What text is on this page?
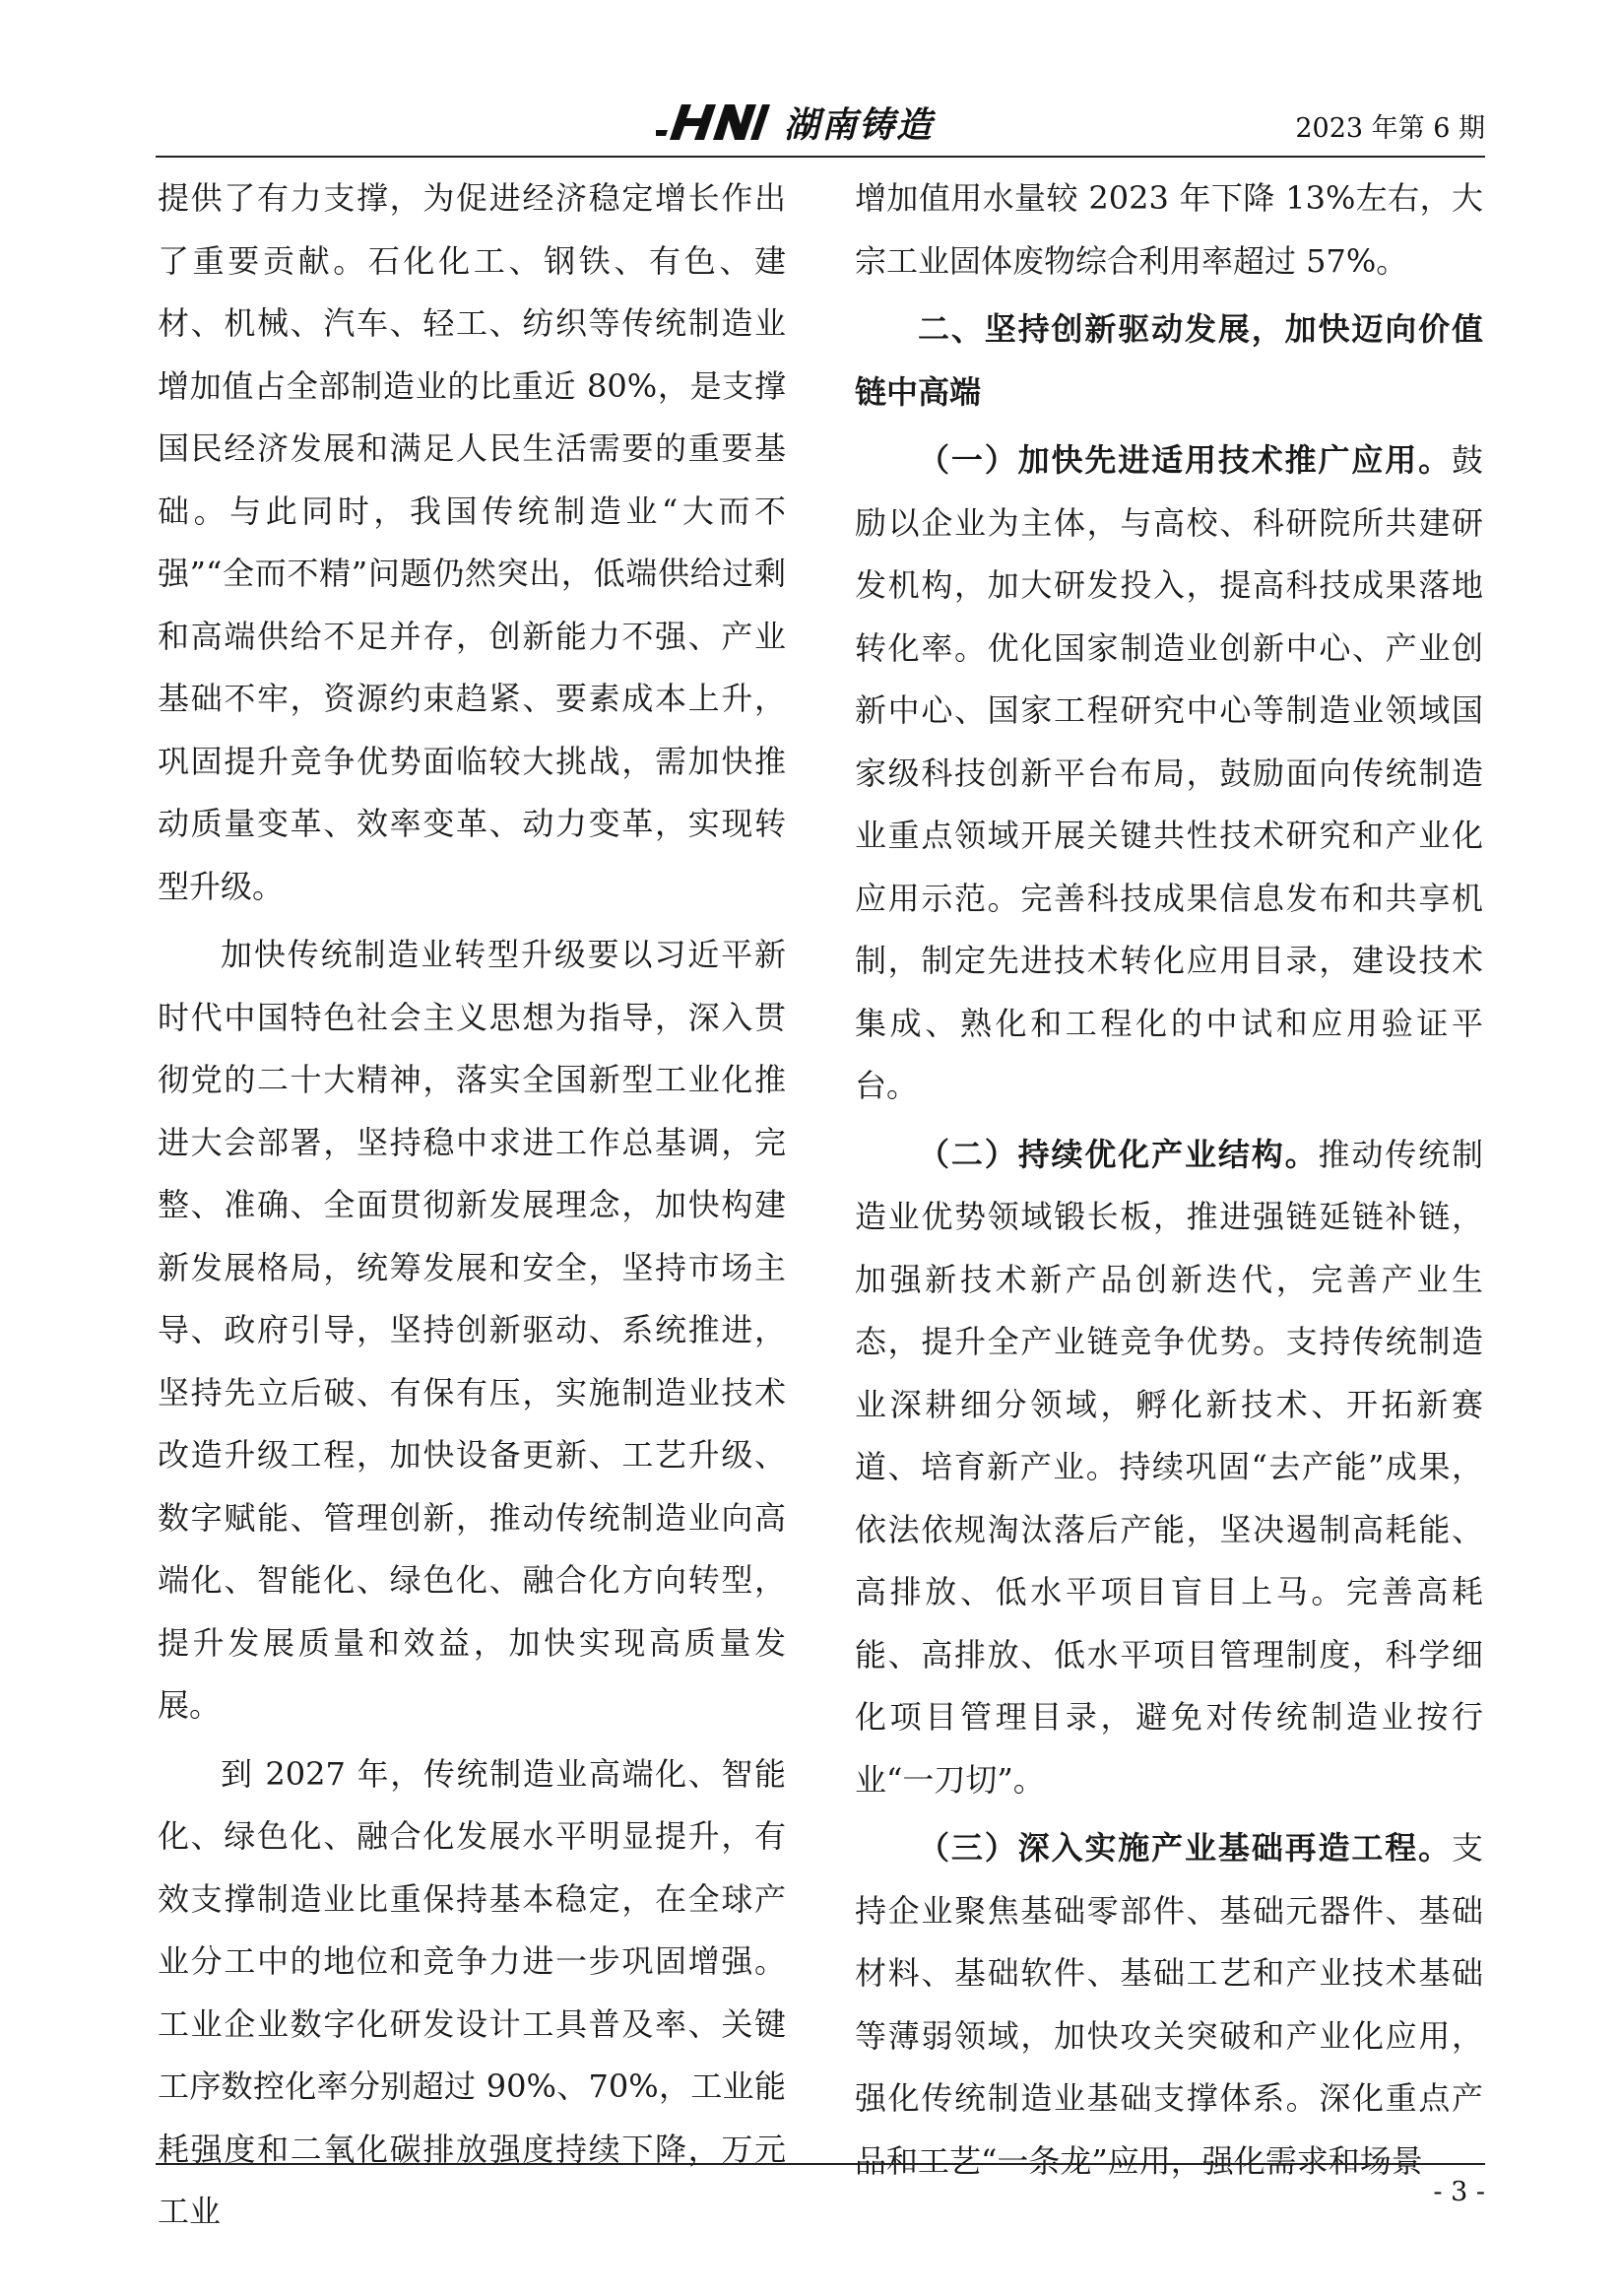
湖南铸造	2023 年第 6 期

提供了有力支撑，为促进经济稳定增长作出了重要贡献。石化化工、钢铁、有色、建材、机械、汽车、轻工、纺织等传统制造业增加值占全部制造业的比重近 80%，是支撑国民经济发展和满足人民生活需要的重要基础。与此同时，我国传统制造业“大而不强”“全而不精”问题仍然突出，低端供给过剩和高端供给不足并存，创新能力不强、产业基础不牢，资源约束趋紧、要素成本上升，巩固提升竞争优势面临较大挑战，需加快推动质量变革、效率变革、动力变革，实现转型升级。

加快传统制造业转型升级要以习近平新时代中国特色社会主义思想为指导，深入贯彻党的二十大精神，落实全国新型工业化推进大会部署，坚持稳中求进工作总基调，完整、准确、全面贯彻新发展理念，加快构建新发展格局，统筹发展和安全，坚持市场主导、政府引导，坚持创新驱动、系统推进，坚持先立后破、有保有压，实施制造业技术改造升级工程，加快设备更新、工艺升级、数字赋能、管理创新，推动传统制造业向高端化、智能化、绿色化、融合化方向转型，提升发展质量和效益，加快实现高质量发展。

到 2027 年，传统制造业高端化、智能化、绿色化、融合化发展水平明显提升，有效支撑制造业比重保持基本稳定，在全球产业分工中的地位和竞争力进一步巩固增强。工业企业数字化研发设计工具普及率、关键工序数控化率分别超过 90%、70%，工业能耗强度和二氧化碳排放强度持续下降，万元工业

增加值用水量较 2023 年下降 13%左右，大宗工业固体废物综合利用率超过 57%。

二、坚持创新驱动发展，加快迈向价值链中高端

（一）加快先进适用技术推广应用。鼓励以企业为主体，与高校、科研院所共建研发机构，加大研发投入，提高科技成果落地转化率。优化国家制造业创新中心、产业创新中心、国家工程研究中心等制造业领域国家级科技创新平台布局，鼓励面向传统制造业重点领域开展关键共性技术研究和产业化应用示范。完善科技成果信息发布和共享机制，制定先进技术转化应用目录，建设技术集成、熟化和工程化的中试和应用验证平台。

（二）持续优化产业结构。推动传统制造业优势领域锻长板，推进强链延链补链，加强新技术新产品创新迭代，完善产业生态，提升全产业链竞争优势。支持传统制造业深耕细分领域，孵化新技术、开拓新赛道、培育新产业。持续巩固“去产能”成果，依法依规淘汰落后产能，坚决遏制高耗能、高排放、低水平项目盲目上马。完善高耗能、高排放、低水平项目管理制度，科学细化项目管理目录，避免对传统制造业按行业“一刀切”。

（三）深入实施产业基础再造工程。支持企业聚焦基础零部件、基础元器件、基础材料、基础软件、基础工艺和产业技术基础等薄弱领域，加快攻关突破和产业化应用，强化传统制造业基础支撑体系。深化重点产品和工艺“一条龙”应用，强化需求和场景

- 3 -
